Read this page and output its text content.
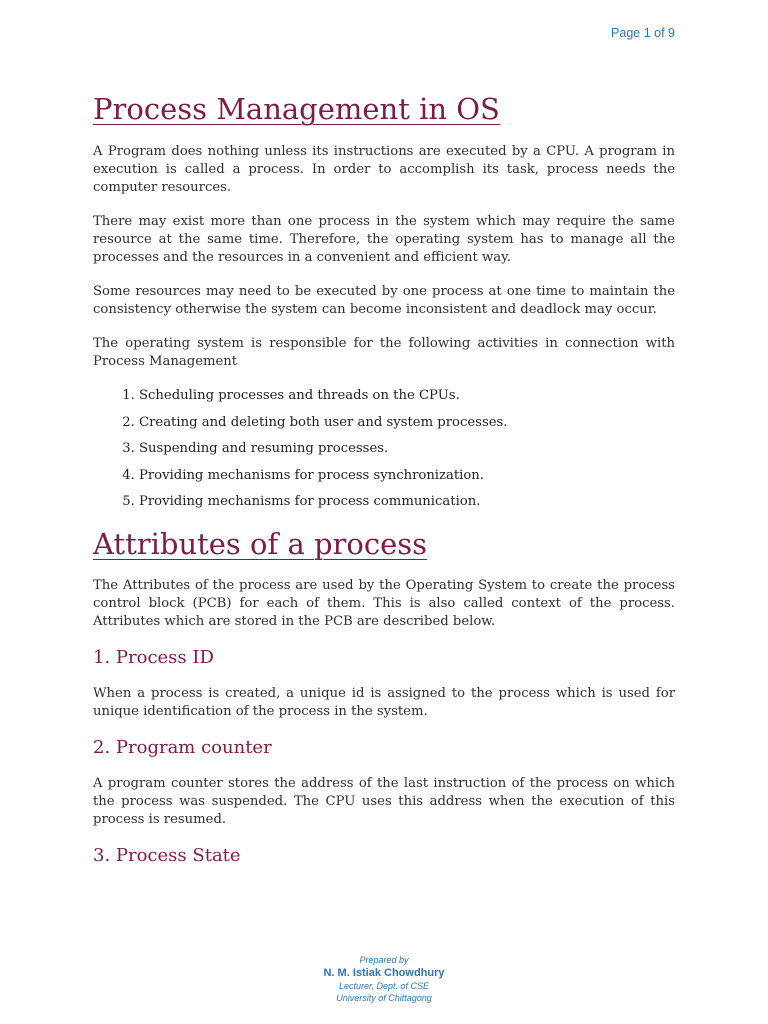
Page 1 of 9
Process Management in OS

A Program does nothing unless its instructions are executed by a CPU. A program in execution is called a process. In order to accomplish its task, process needs the computer resources.

There may exist more than one process in the system which may require the same resource at the same time. Therefore, the operating system has to manage all the processes and the resources in a convenient and efficient way.

Some resources may need to be executed by one process at one time to maintain the consistency otherwise the system can become inconsistent and deadlock may occur.

The operating system is responsible for the following activities in connection with Process Management

1. Scheduling processes and threads on the CPUs.
2. Creating and deleting both user and system processes.
3. Suspending and resuming processes.
4. Providing mechanisms for process synchronization.
5. Providing mechanisms for process communication.
Attributes of a process

The Attributes of the process are used by the Operating System to create the process control block (PCB) for each of them. This is also called context of the process. Attributes which are stored in the PCB are described below.

1. Process ID

When a process is created, a unique id is assigned to the process which is used for unique identification of the process in the system.

2. Program counter

A program counter stores the address of the last instruction of the process on which the process was suspended. The CPU uses this address when the execution of this process is resumed.

3. Process State
Prepared by
N. M. Istiak Chowdhury
Lecturer, Dept. of CSE
University of Chittagong
